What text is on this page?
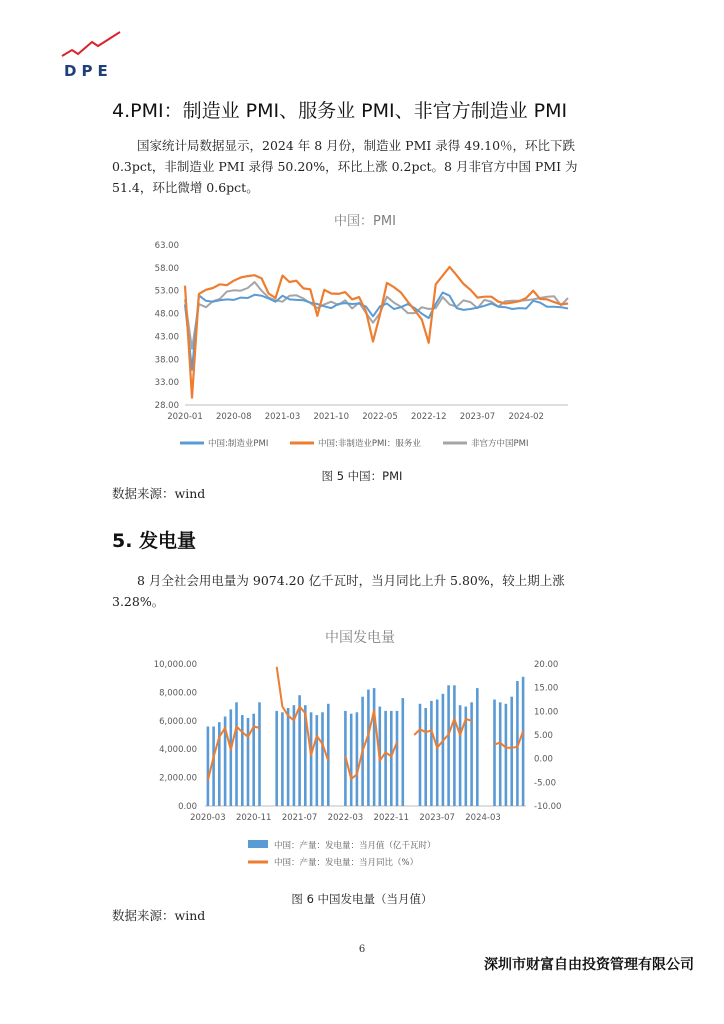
DPE
4.PMI：制造业 PMI、服务业 PMI、非官方制造业 PMI

国家统计局数据显示，2024 年 8 月份，制造业 PMI 录得 49.10％，环比下跌 0.3pct，非制造业 PMI 录得 50.20%，环比上涨 0.2pct。8 月非官方中国 PMI 为 51.4，环比微增 0.6pct。

中国：PMI
28.00
33.00
38.00
43.00
48.00
53.00
58.00
63.00
2020-01 2020-08 2021-03 2021-10 2022-05 2022-12 2023-07 2024-02
中国:制造业PMI	中国:非制造业PMI：服务业	非官方中国PMI
图 5 中国：PMI
数据来源：wind
5. 发电量

8 月全社会用电量为 9074.20 亿千瓦时，当月同比上升 5.80%，较上期上涨 3.28%。

中国发电量
0.00
2,000.00
4,000.00
6,000.00
8,000.00
10,000.00
-10.00
-5.00
0.00
5.00
10.00
15.00
20.00
2020-03 2020-11 2021-07 2022-03 2022-11 2023-07 2024-03
中国：产量：发电量：当月值（亿千瓦时）
中国：产量：发电量：当月同比（%）
图 6 中国发电量（当月值）
数据来源：wind
6
深圳市财富自由投资管理有限公司
